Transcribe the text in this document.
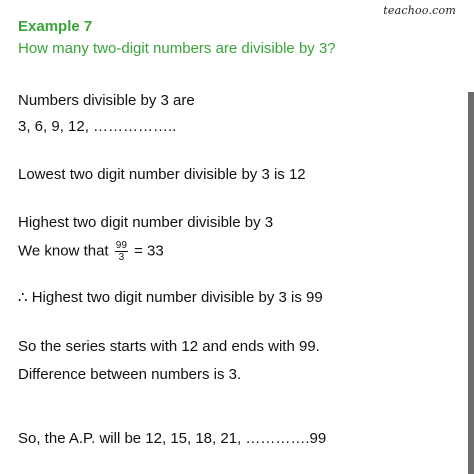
teachoo.com
Example 7
How many two-digit numbers are divisible by 3?
Numbers divisible by 3 are
3, 6, 9, 12, ……………..
Lowest two digit number divisible by 3 is 12
Highest two digit number divisible by 3
We know that $\frac{99}{3} = 33$
∴ Highest two digit number divisible by 3 is 99
So the series starts with 12 and ends with 99.
Difference between numbers is 3.
So, the A.P. will be 12, 15, 18, 21, ………….99
